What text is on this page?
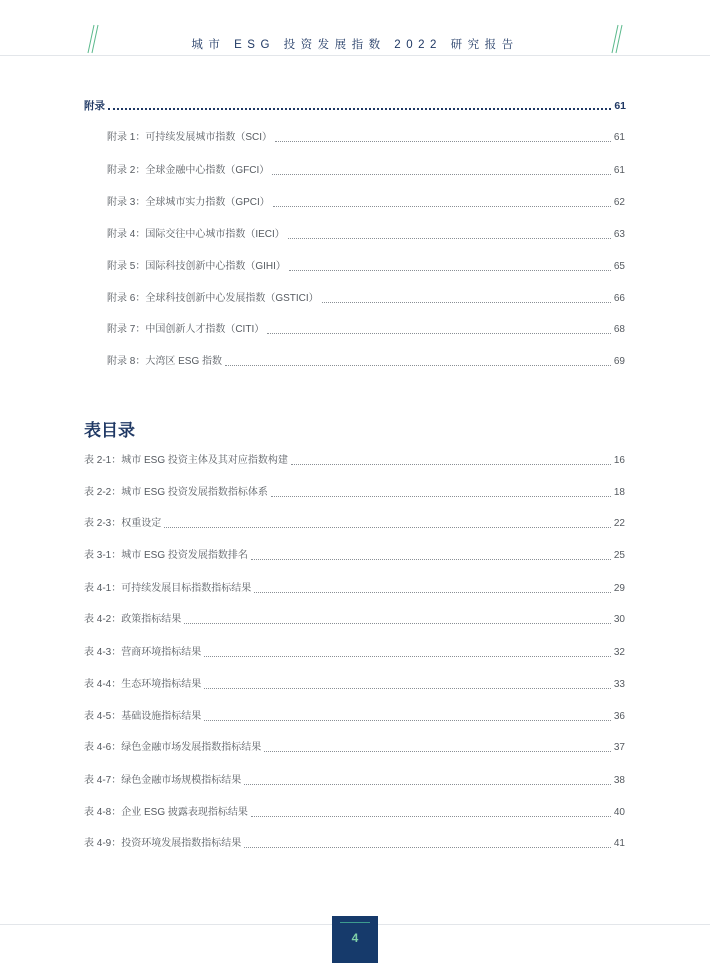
城市 ESG 投资发展指数 2022 研究报告
附录	61
附录 1：可持续发展城市指数（SCI）	61
附录 2：全球金融中心指数（GFCI）	61
附录 3：全球城市实力指数（GPCI）	62
附录 4：国际交往中心城市指数（IECI）	63
附录 5：国际科技创新中心指数（GIHI）	65
附录 6：全球科技创新中心发展指数（GSTICI）	66
附录 7：中国创新人才指数（CITI）	68
附录 8：大湾区 ESG 指数	69
表目录
表 2-1：城市 ESG 投资主体及其对应指数构建	16
表 2-2：城市 ESG 投资发展指数指标体系	18
表 2-3：权重设定	22
表 3-1：城市 ESG 投资发展指数排名	25
表 4-1：可持续发展目标指数指标结果	29
表 4-2：政策指标结果	30
表 4-3：营商环境指标结果	32
表 4-4：生态环境指标结果	33
表 4-5：基础设施指标结果	36
表 4-6：绿色金融市场发展指数指标结果	37
表 4-7：绿色金融市场规模指标结果	38
表 4-8：企业 ESG 披露表现指标结果	40
表 4-9：投资环境发展指数指标结果	41
4
